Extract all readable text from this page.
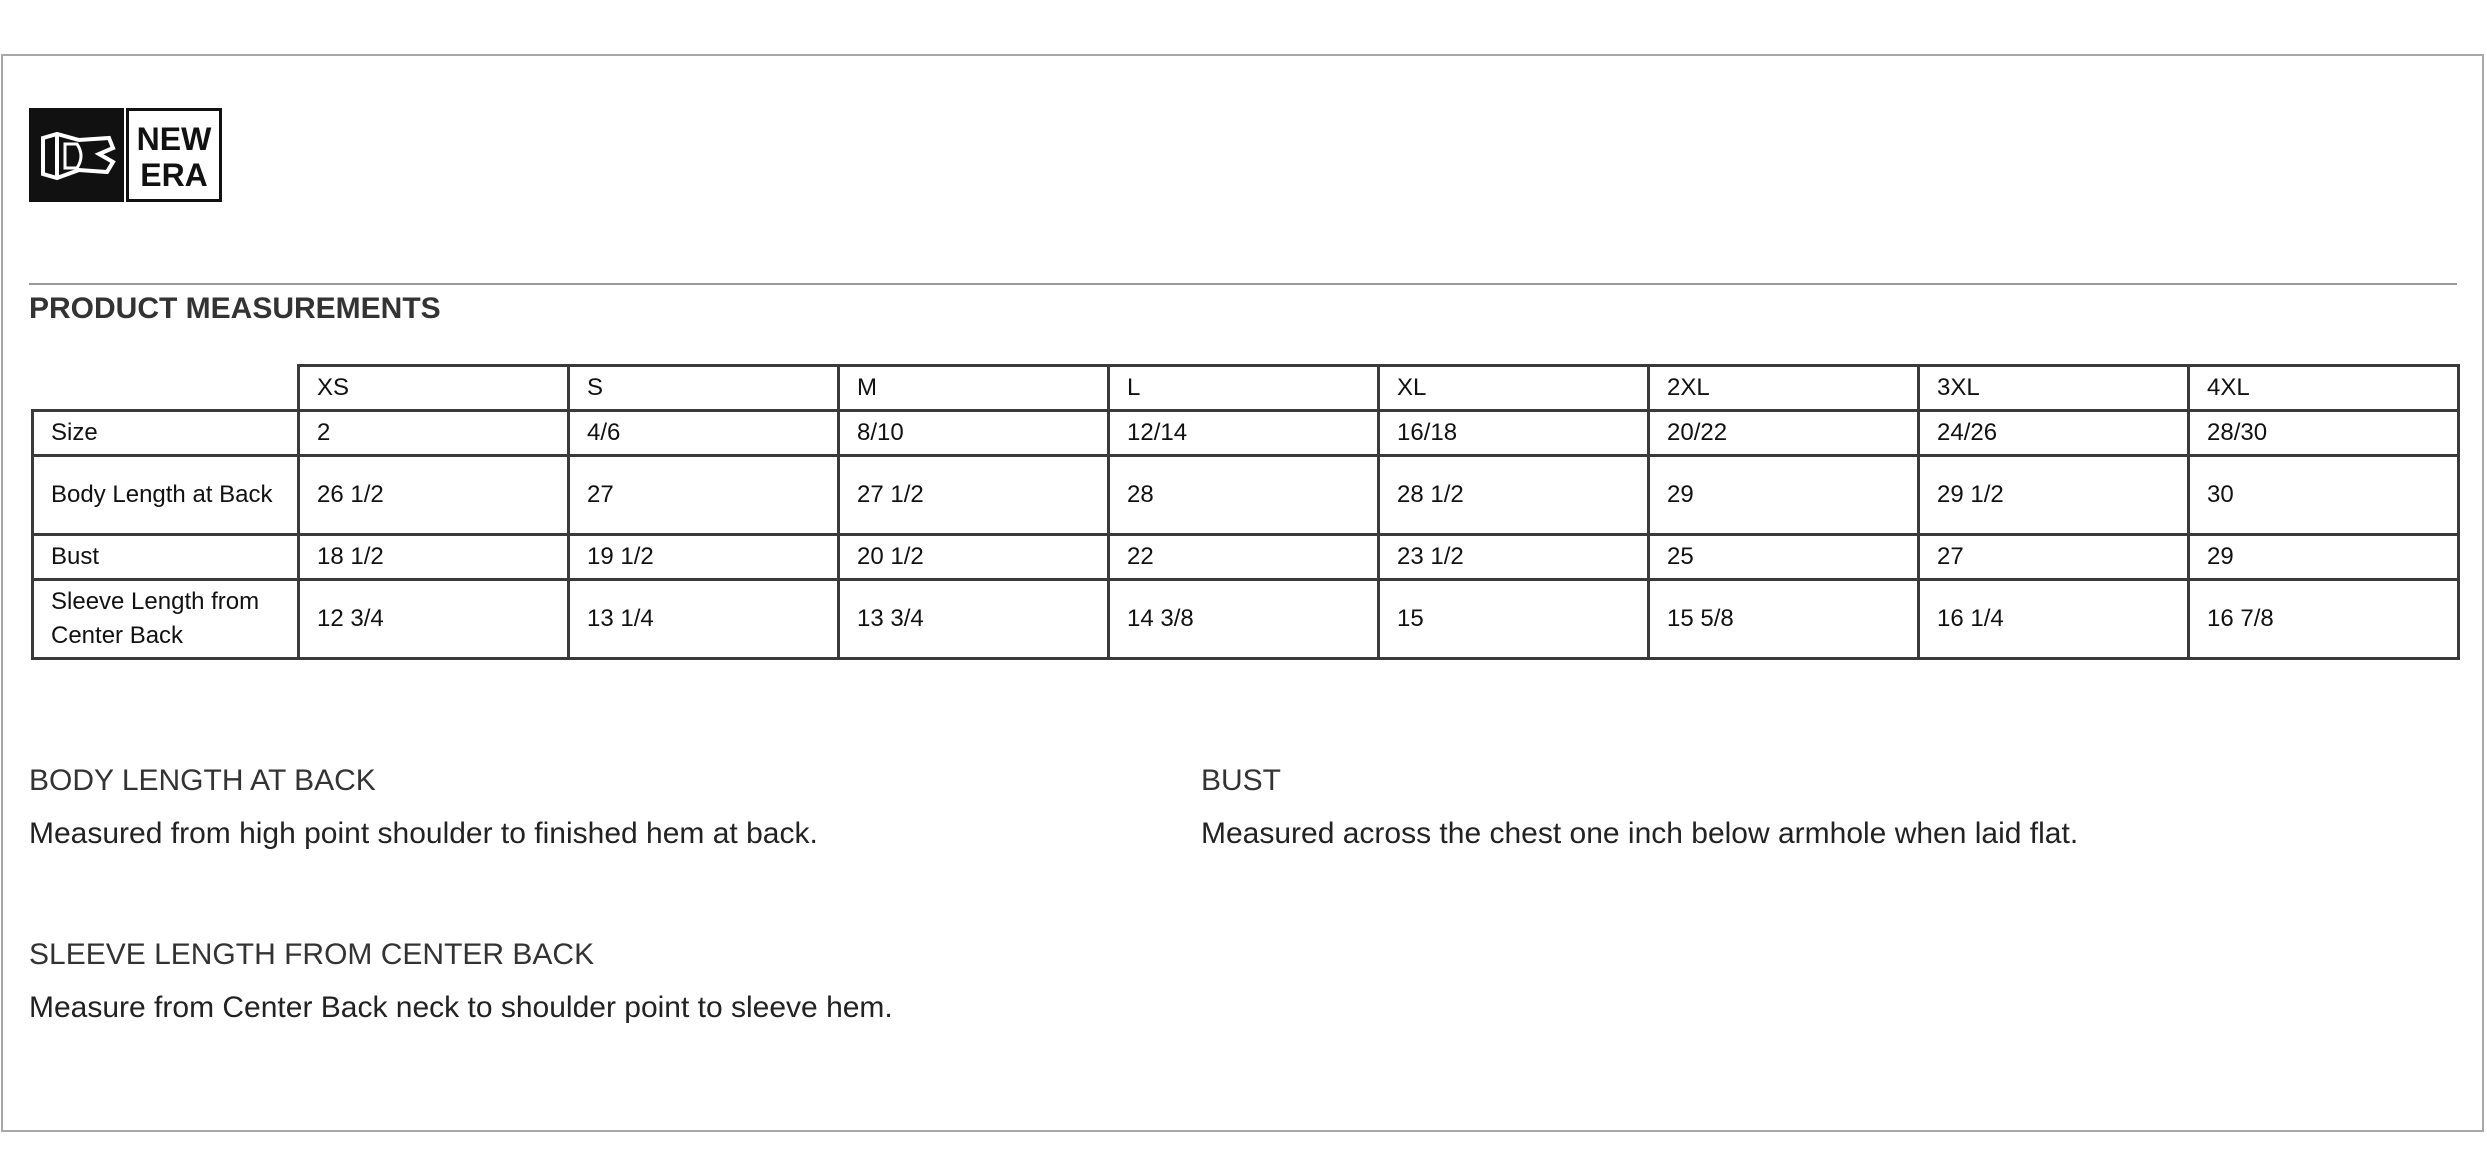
NEW
ERA
PRODUCT MEASUREMENTS
	XS	S	M	L	XL	2XL	3XL	4XL
Size	2	4/6	8/10	12/14	16/18	20/22	24/26	28/30
Body Length at Back	26 1/2	27	27 1/2	28	28 1/2	29	29 1/2	30
Bust	18 1/2	19 1/2	20 1/2	22	23 1/2	25	27	29
Sleeve Length from Center Back	12 3/4	13 1/4	13 3/4	14 3/8	15	15 5/8	16 1/4	16 7/8
BODY LENGTH AT BACK
Measured from high point shoulder to finished hem at back.
BUST
Measured across the chest one inch below armhole when laid flat.
SLEEVE LENGTH FROM CENTER BACK
Measure from Center Back neck to shoulder point to sleeve hem.
